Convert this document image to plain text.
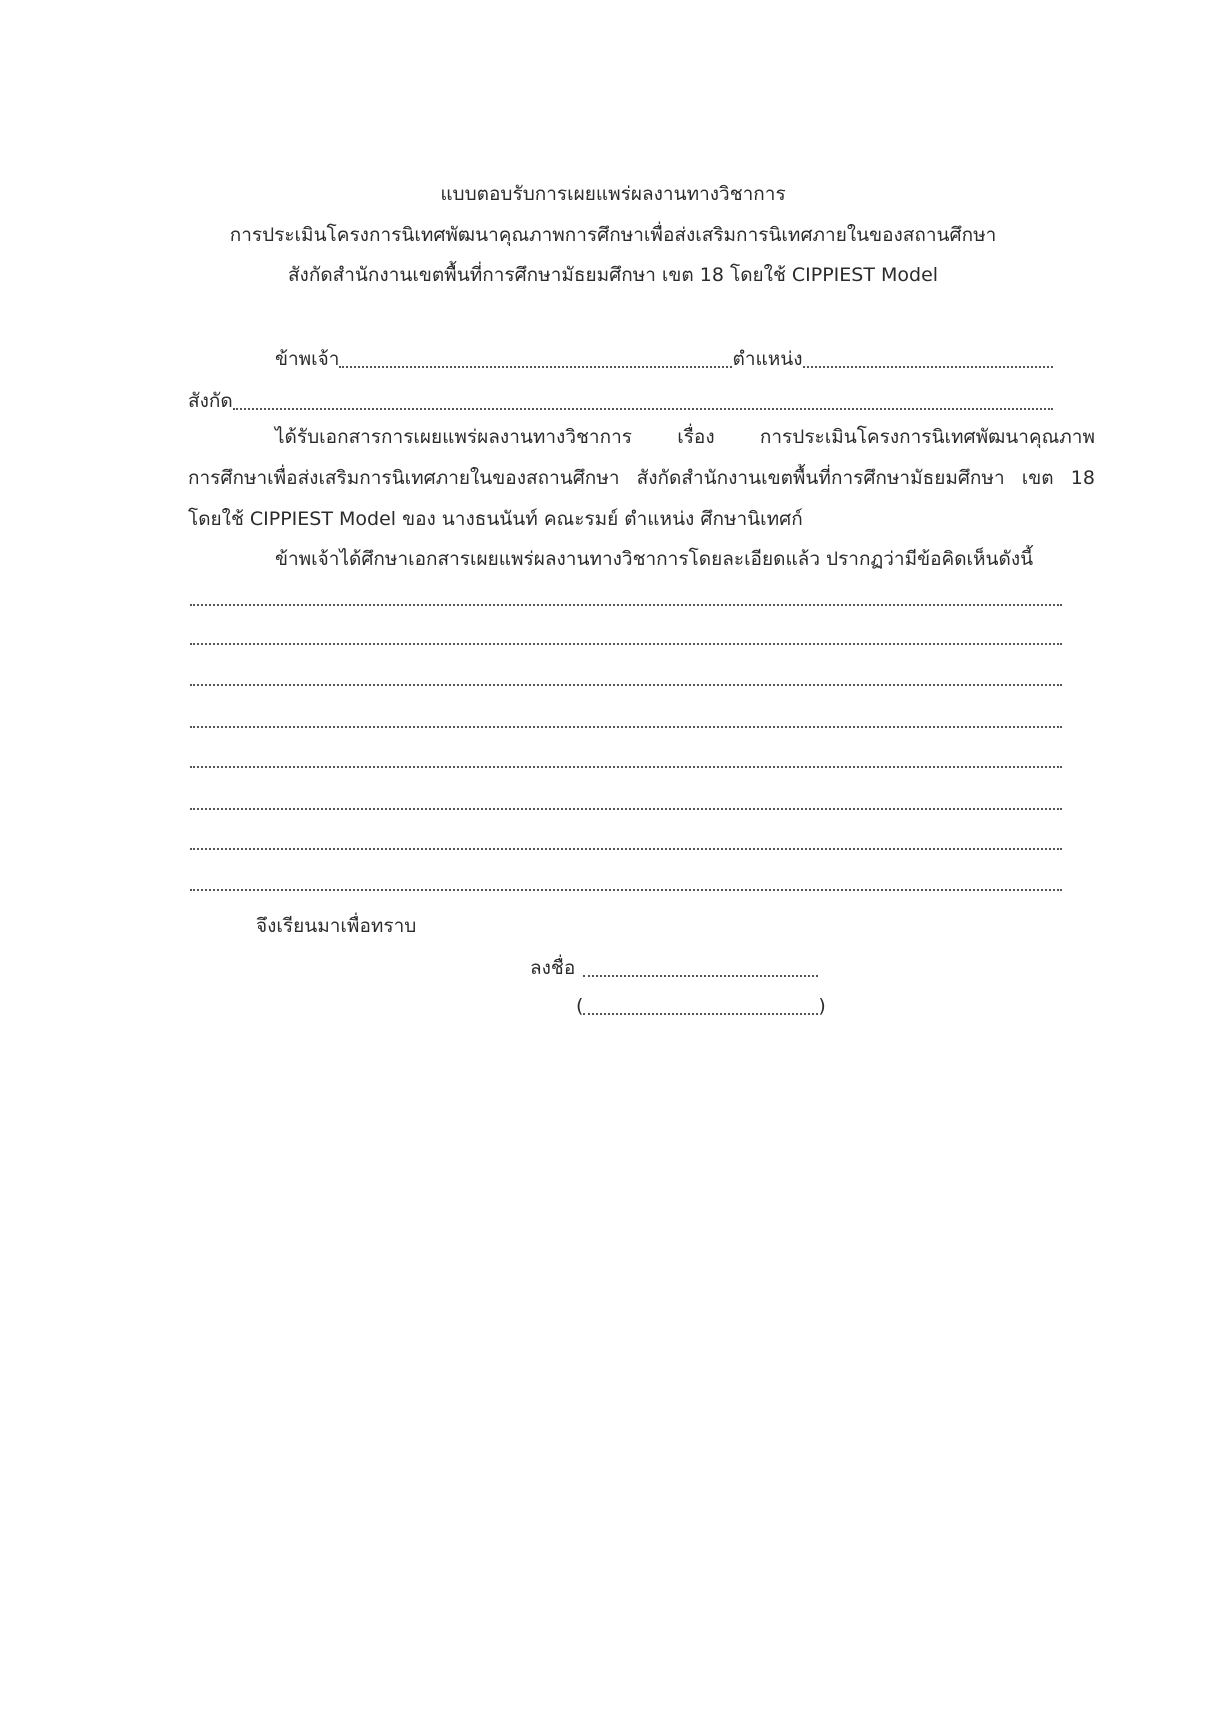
แบบตอบรับการเผยแพร่ผลงานทางวิชาการ
การประเมินโครงการนิเทศพัฒนาคุณภาพการศึกษาเพื่อส่งเสริมการนิเทศภายในของสถานศึกษา
สังกัดสำนักงานเขตพื้นที่การศึกษามัธยมศึกษา เขต 18 โดยใช้ CIPPIEST Model
ข้าพเจ้า	ตำแหน่ง
สังกัด
ได้รับเอกสารการเผยแพร่ผลงานทางวิชาการ เรื่อง การประเมินโครงการนิเทศพัฒนาคุณภาพ
การศึกษาเพื่อส่งเสริมการนิเทศภายในของสถานศึกษา สังกัดสำนักงานเขตพื้นที่การศึกษามัธยมศึกษา เขต 18
โดยใช้ CIPPIEST Model ของ นางธนนันท์ คณะรมย์ ตำแหน่ง ศึกษานิเทศก์
ข้าพเจ้าได้ศึกษาเอกสารเผยแพร่ผลงานทางวิชาการโดยละเอียดแล้ว ปรากฏว่ามีข้อคิดเห็นดังนี้
จึงเรียนมาเพื่อทราบ
ลงชื่อ
(	)
